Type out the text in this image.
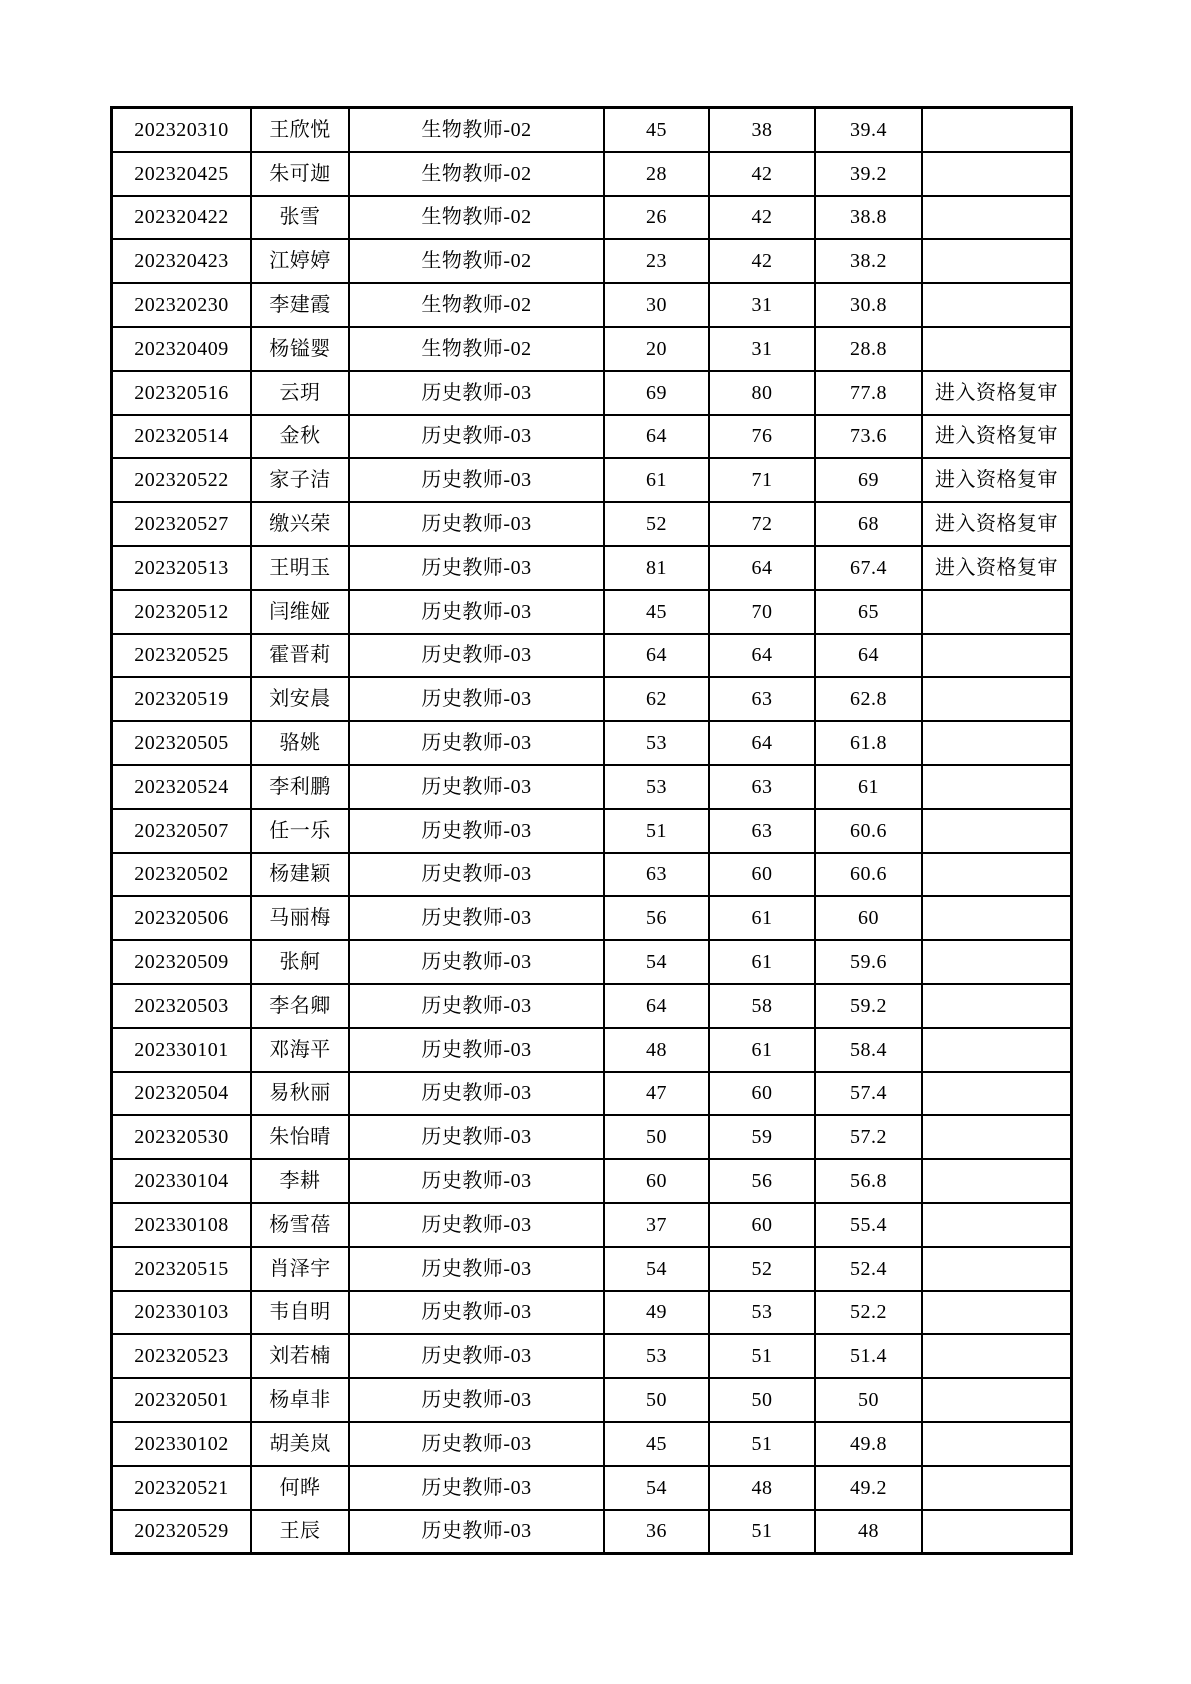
202320310	王欣悦	生物教师-02	45	38	39.4	
202320425	朱可迦	生物教师-02	28	42	39.2	
202320422	张雪	生物教师-02	26	42	38.8	
202320423	江婷婷	生物教师-02	23	42	38.2	
202320230	李建霞	生物教师-02	30	31	30.8	
202320409	杨镒婴	生物教师-02	20	31	28.8	
202320516	云玥	历史教师-03	69	80	77.8	进入资格复审
202320514	金秋	历史教师-03	64	76	73.6	进入资格复审
202320522	家子洁	历史教师-03	61	71	69	进入资格复审
202320527	缴兴荣	历史教师-03	52	72	68	进入资格复审
202320513	王明玉	历史教师-03	81	64	67.4	进入资格复审
202320512	闫维娅	历史教师-03	45	70	65	
202320525	霍晋莉	历史教师-03	64	64	64	
202320519	刘安晨	历史教师-03	62	63	62.8	
202320505	骆姚	历史教师-03	53	64	61.8	
202320524	李利鹏	历史教师-03	53	63	61	
202320507	任一乐	历史教师-03	51	63	60.6	
202320502	杨建颖	历史教师-03	63	60	60.6	
202320506	马丽梅	历史教师-03	56	61	60	
202320509	张舸	历史教师-03	54	61	59.6	
202320503	李名卿	历史教师-03	64	58	59.2	
202330101	邓海平	历史教师-03	48	61	58.4	
202320504	易秋丽	历史教师-03	47	60	57.4	
202320530	朱怡晴	历史教师-03	50	59	57.2	
202330104	李耕	历史教师-03	60	56	56.8	
202330108	杨雪蓓	历史教师-03	37	60	55.4	
202320515	肖泽宇	历史教师-03	54	52	52.4	
202330103	韦自明	历史教师-03	49	53	52.2	
202320523	刘若楠	历史教师-03	53	51	51.4	
202320501	杨卓非	历史教师-03	50	50	50	
202330102	胡美岚	历史教师-03	45	51	49.8	
202320521	何晔	历史教师-03	54	48	49.2	
202320529	王辰	历史教师-03	36	51	48	
